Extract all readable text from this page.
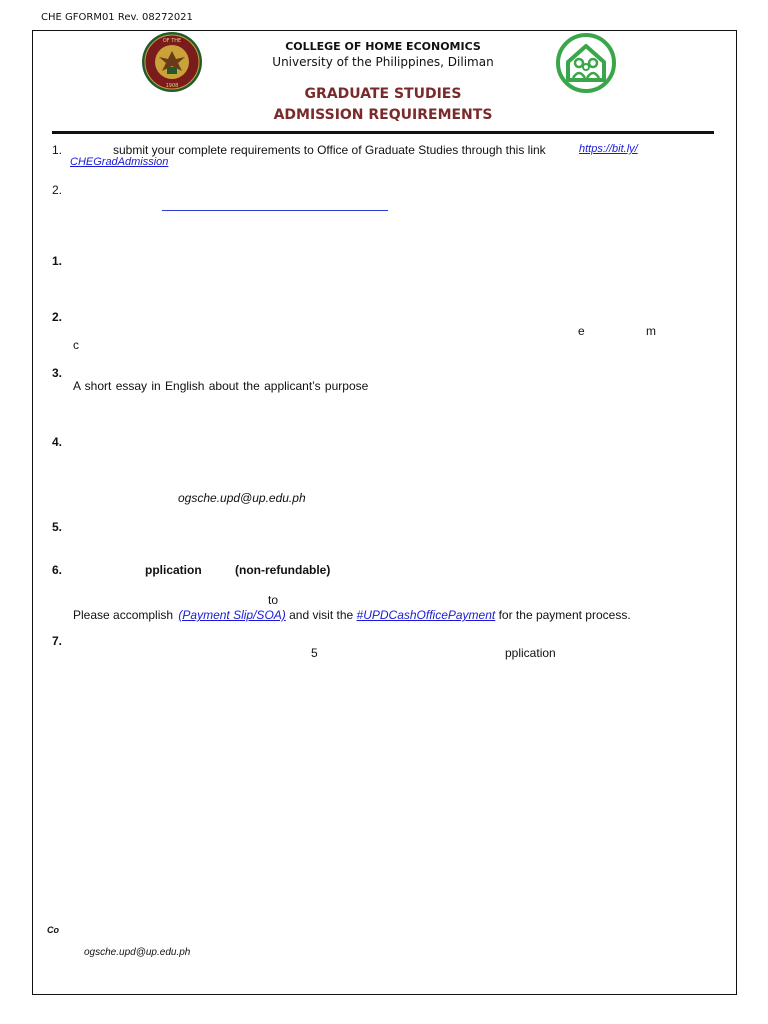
CHE GFORM01 Rev. 08272021
OF THE
1908
COLLEGE OF HOME ECONOMICS
University of the Philippines, Diliman
GRADUATE STUDIES
ADMISSION REQUIREMENTS
1.	submit your complete requirements to Office of Graduate Studies through this link	https://bit.ly/
CHEGradAdmission
2.
1.
2.
e	m
c
3.
A short essay in English about the applicant’s purpose
4.
ogsche.upd@up.edu.ph
5.
6.	pplication	(non-refundable)
to
Please accomplish (Payment Slip/SOA) and visit the #UPDCashOfficePayment for the payment process.
7.
5	pplication
Co
ogsche.upd@up.edu.ph
